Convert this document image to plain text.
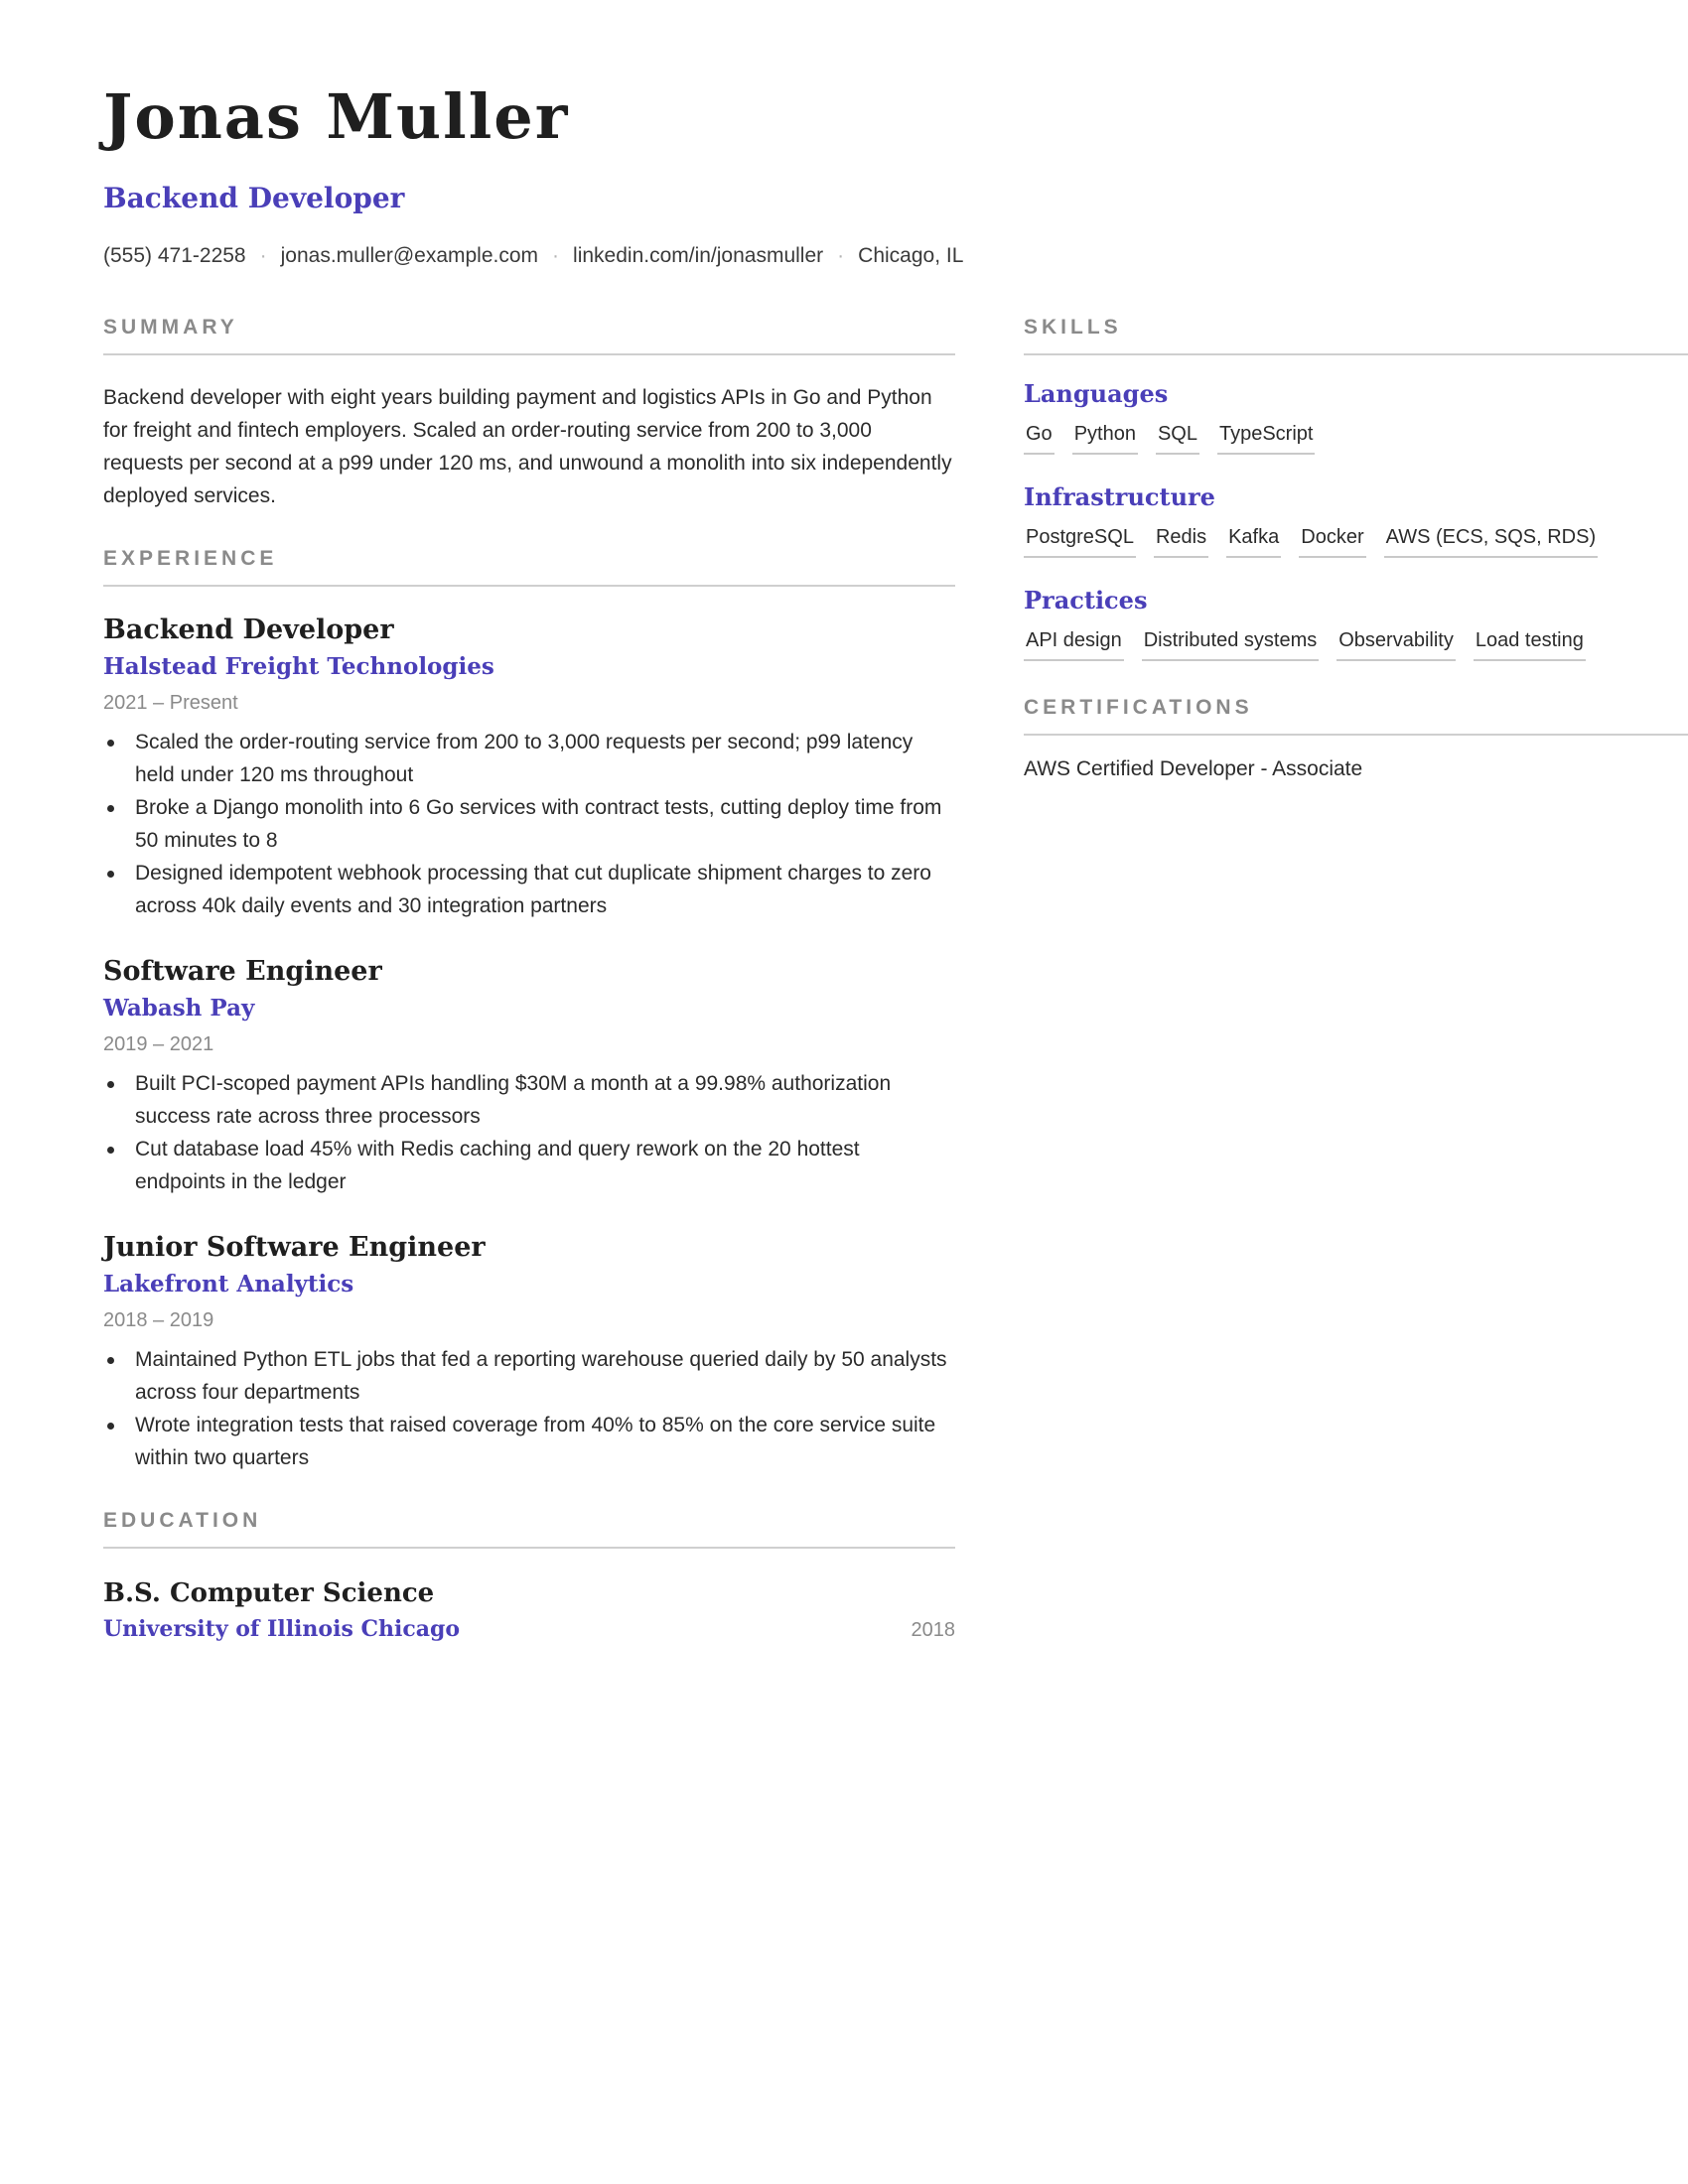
Jonas Muller
Backend Developer
(555) 471-2258 · jonas.muller@example.com · linkedin.com/in/jonasmuller · Chicago, IL
SUMMARY

Backend developer with eight years building payment and logistics APIs in Go and Python for freight and fintech employers. Scaled an order-routing service from 200 to 3,000 requests per second at a p99 under 120 ms, and unwound a monolith into six independently deployed services.

EXPERIENCE
Backend Developer
Halstead Freight Technologies
2021 – Present
Scaled the order-routing service from 200 to 3,000 requests per second; p99 latency held under 120 ms throughout
Broke a Django monolith into 6 Go services with contract tests, cutting deploy time from 50 minutes to 8
Designed idempotent webhook processing that cut duplicate shipment charges to zero across 40k daily events and 30 integration partners
Software Engineer
Wabash Pay
2019 – 2021
Built PCI-scoped payment APIs handling $30M a month at a 99.98% authorization success rate across three processors
Cut database load 45% with Redis caching and query rework on the 20 hottest endpoints in the ledger
Junior Software Engineer
Lakefront Analytics
2018 – 2019
Maintained Python ETL jobs that fed a reporting warehouse queried daily by 50 analysts across four departments
Wrote integration tests that raised coverage from 40% to 85% on the core service suite within two quarters
EDUCATION
B.S. Computer Science
University of Illinois Chicago	2018
SKILLS
Languages
Go Python SQL TypeScript
Infrastructure
PostgreSQL Redis Kafka Docker AWS (ECS, SQS, RDS)
Practices
API design Distributed systems Observability Load testing
CERTIFICATIONS
AWS Certified Developer - Associate
